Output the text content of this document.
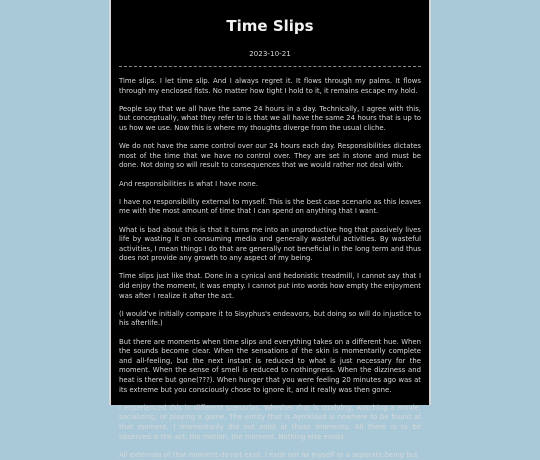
Time Slips
2023-10-21

Time slips. I let time slip. And I always regret it. It flows through my palms. It flows through my enclosed fists. No matter how tight I hold to it, it remains escape my hold.

People say that we all have the same 24 hours in a day. Technically, I agree with this, but conceptually, what they refer to is that we all have the same 24 hours that is up to us how we use. Now this is where my thoughts diverge from the usual cliche.

We do not have the same control over our 24 hours each day. Responsibilities dictates most of the time that we have no control over. They are set in stone and must be done. Not doing so will result to consequences that we would rather not deal with.

And responsibilities is what I have none.

I have no responsibility external to myself. This is the best case scenario as this leaves me with the most amount of time that I can spend on anything that I want.

What is bad about this is that it turns me into an unproductive hog that passively lives life by wasting it on consuming media and generally wasteful activities. By wasteful activities, I mean things I do that are generally not beneficial in the long term and thus does not provide any growth to any aspect of my being.

Time slips just like that. Done in a cynical and hedonistic treadmill, I cannot say that I did enjoy the moment, it was empty. I cannot put into words how empty the enjoyment was after I realize it after the act.

(I would've initially compare it to Sisyphus's endeavors, but doing so will do injustice to his afterlife.)

But there are moments when time slips and everything takes on a different hue. When the sounds become clear. When the sensations of the skin is momentarily complete and all-feeling, but the next instant is reduced to what is just necessary for the moment. When the sense of smell is reduced to nothingness. When the dizziness and heat is there but gone(???). When hunger that you were feeling 20 minutes ago was at its extreme but you consciously chose to ignore it, and it really was then gone.

I experienced this in different scenarios. Whether that is studying, watching a movie, socializing, or playing a game. The entity that is Aymklayd is nowhere to be found at that moment. I momentarily did not exist at those moments. All there is to be observed is the act, the motion, the moment. Nothing else exists.

All externals of that moment do not exist. I exist not as myself or a seperate being but
